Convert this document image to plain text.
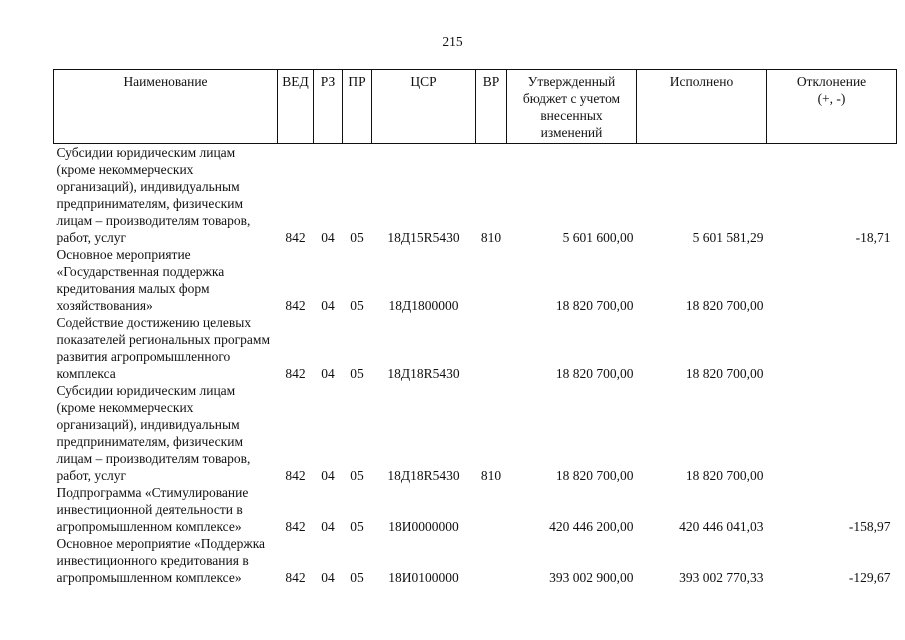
215
Наименование	ВЕД	РЗ	ПР	ЦСР	ВР	Утвержденный бюджет с учетом внесенных изменений	Исполнено	Отклонение (+, -)
Субсидии юридическим лицам (кроме некоммерческих организаций), индивидуальным предпринимателям, физическим лицам – производителям товаров, работ, услуг	842	04	05	18Д15R5430	810	5 601 600,00	5 601 581,29	-18,71
Основное мероприятие «Государственная поддержка кредитования малых форм хозяйствования»	842	04	05	18Д1800000		18 820 700,00	18 820 700,00	
Содействие достижению целевых показателей региональных программ развития агропромышленного комплекса	842	04	05	18Д18R5430		18 820 700,00	18 820 700,00	
Субсидии юридическим лицам (кроме некоммерческих организаций), индивидуальным предпринимателям, физическим лицам – производителям товаров, работ, услуг	842	04	05	18Д18R5430	810	18 820 700,00	18 820 700,00	
Подпрограмма «Стимулирование инвестиционной деятельности в агропромышленном комплексе»	842	04	05	18И0000000		420 446 200,00	420 446 041,03	-158,97
Основное мероприятие «Поддержка инвестиционного кредитования в агропромышленном комплексе»	842	04	05	18И0100000		393 002 900,00	393 002 770,33	-129,67
